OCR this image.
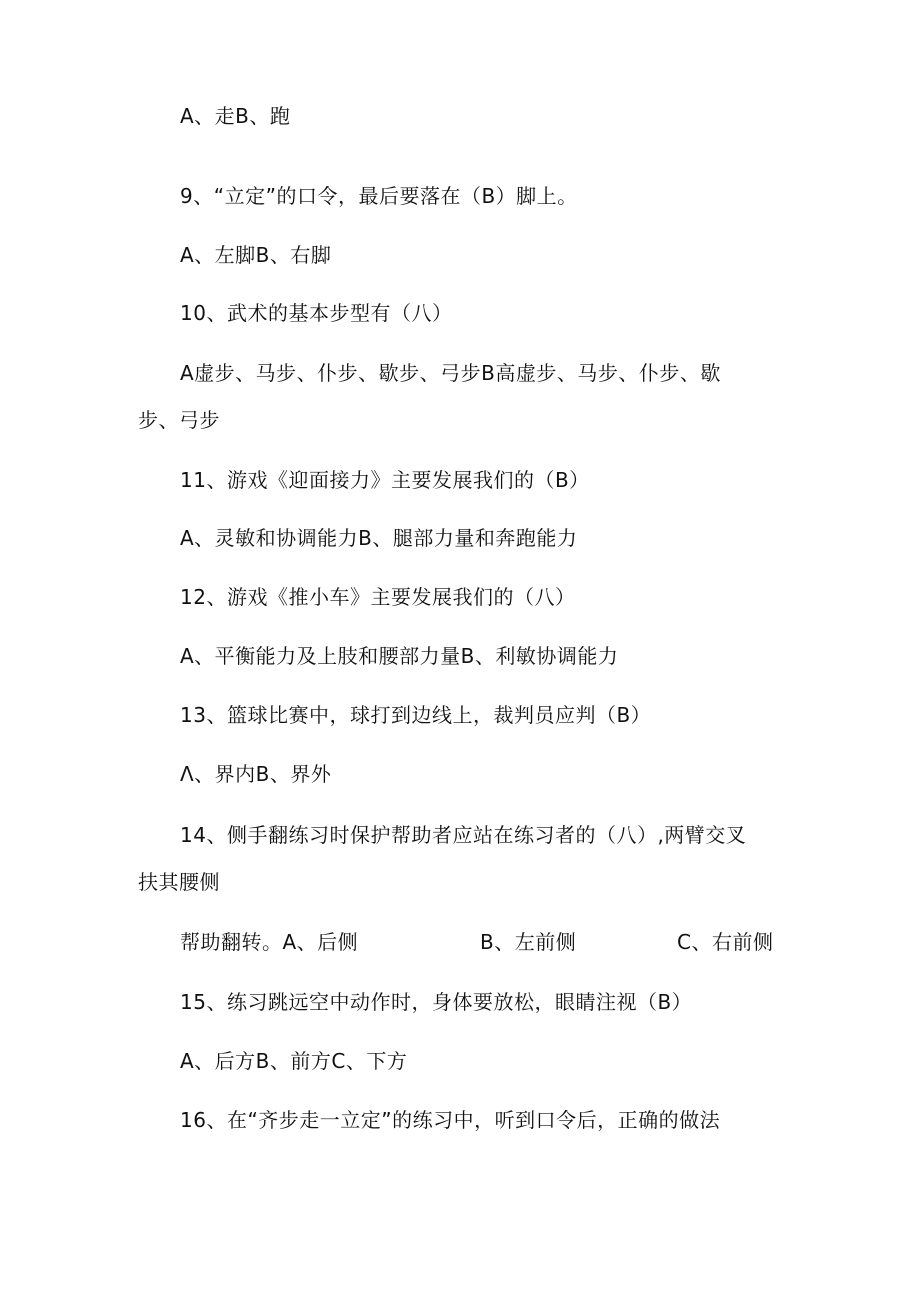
A、走B、跑
9、“立定”的口令，最后要落在（B）脚上。
A、左脚B、右脚
10、武术的基本步型有（八）
A虚步、马步、仆步、歇步、弓步B高虚步、马步、仆步、歇
步、弓步
11、游戏《迎面接力》主要发展我们的（B）
A、灵敏和协调能力B、腿部力量和奔跑能力
12、游戏《推小车》主要发展我们的（八）
A、平衡能力及上肢和腰部力量B、利敏协调能力
13、篮球比赛中，球打到边线上，裁判员应判（B）
Λ、界内B、界外
14、侧手翻练习时保护帮助者应站在练习者的（八）,两臂交叉
扶其腰侧
帮助翻转。A、后侧	B、左前侧	C、右前侧
15、练习跳远空中动作时，身体要放松，眼睛注视（B）
A、后方B、前方C、下方
16、在“齐步走一立定”的练习中，听到口令后，正确的做法
